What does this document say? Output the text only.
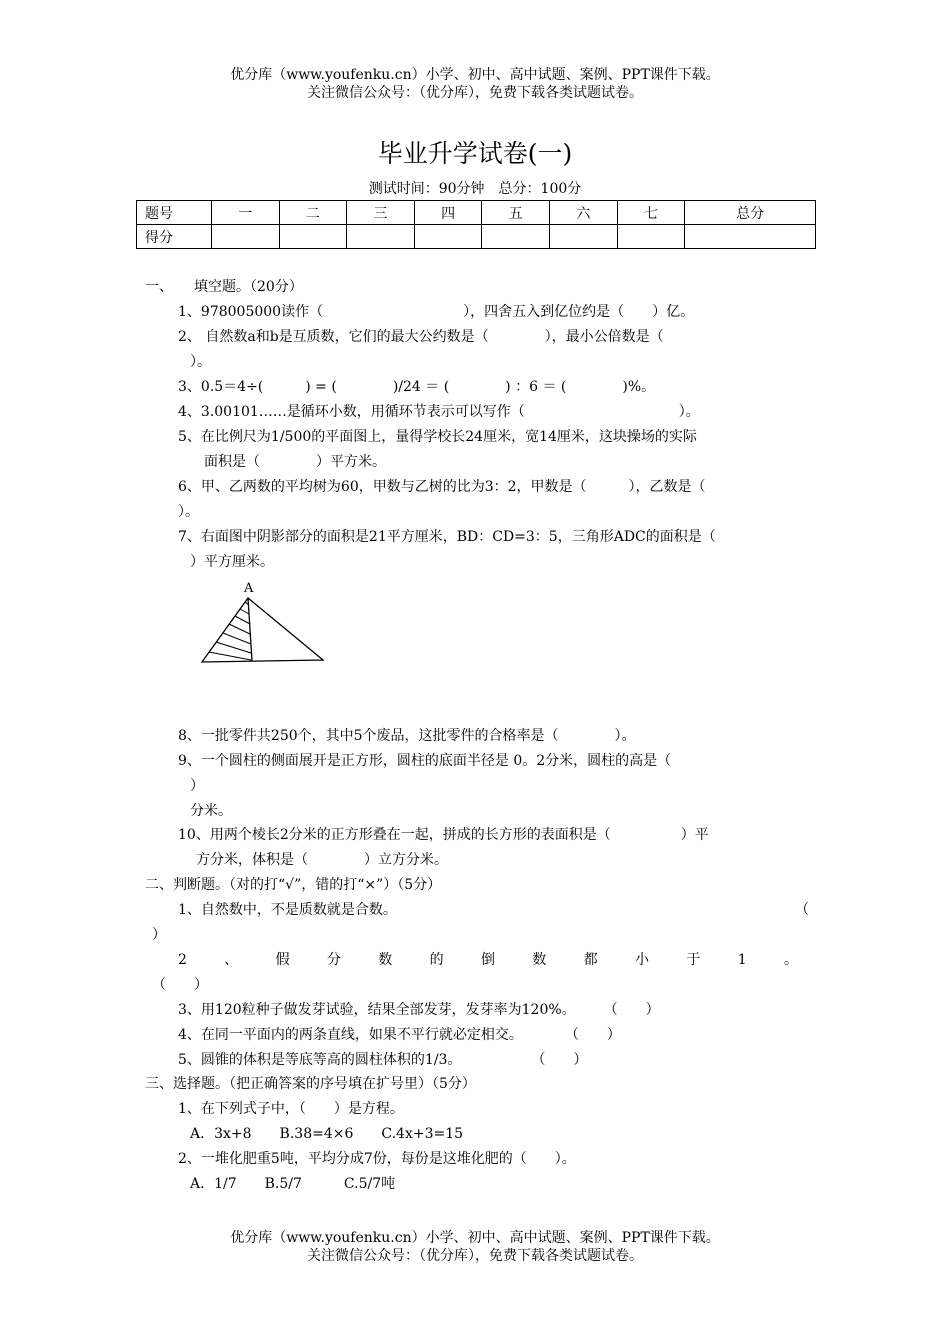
优分库（www.youfenku.cn）小学、初中、高中试题、案例、PPT课件下载。
关注微信公众号：（优分库），免费下载各类试题试卷。
毕业升学试卷(一)
测试时间：90分钟　总分：100分
题号	一	二	三	四	五	六	七	总分
得分								
一、　　填空题。（20分）
1、978005000读作（　　　　　　　　　　），四舍五入到亿位约是（　　）亿。
2、 自然数a和b是互质数，它们的最大公约数是（　　　　），最小公倍数是（
）。
3、0.5＝4÷(　　　) = (　　　　)/24 ＝ (　　　　) ：6 ＝ (　　　　)%。
4、3.00101……是循环小数，用循环节表示可以写作（　　　　　　　　　　　）。
5、在比例尺为1/500的平面图上，量得学校长24厘米，宽14厘米，这块操场的实际
面积是（　　　　）平方米。
6、甲、乙两数的平均树为60，甲数与乙树的比为3：2，甲数是（　　　），乙数是（
）。
7、右面图中阴影部分的面积是21平方厘米，BD：CD=3：5，三角形ADC的面积是（
）平方厘米。
A
8、一批零件共250个，其中5个废品，这批零件的合格率是（　　　　）。
9、一个圆柱的侧面展开是正方形，圆柱的底面半径是 0。2分米，圆柱的高是（
）
分米。
10、用两个棱长2分米的正方形叠在一起，拼成的长方形的表面积是（　　　　　）平
方分米，体积是（　　　　）立方分米。
二、判断题。（对的打“√”，错的打“×”）（5分）
1、自然数中，不是质数就是合数。	（
）
2	、	假	分	数	的	倒	数	都	小	于	1	。
（　　）
3、用120粒种子做发芽试验，结果全部发芽，发芽率为120%。　　　（　　）
4、在同一平面内的两条直线，如果不平行就必定相交。　　　　（　　）
5、圆锥的体积是等底等高的圆柱体积的1/3。　　　　　　（　　）
三、选择题。（把正确答案的序号填在扩号里）（5分）
1、在下列式子中，（　　）是方程。
A．3x+8　　B.38=4×6　　C.4x+3=15
2、一堆化肥重5吨，平均分成7份，每份是这堆化肥的（　　）。
A．1/7　　B.5/7　　　C.5/7吨
优分库（www.youfenku.cn）小学、初中、高中试题、案例、PPT课件下载。
关注微信公众号：（优分库），免费下载各类试题试卷。
